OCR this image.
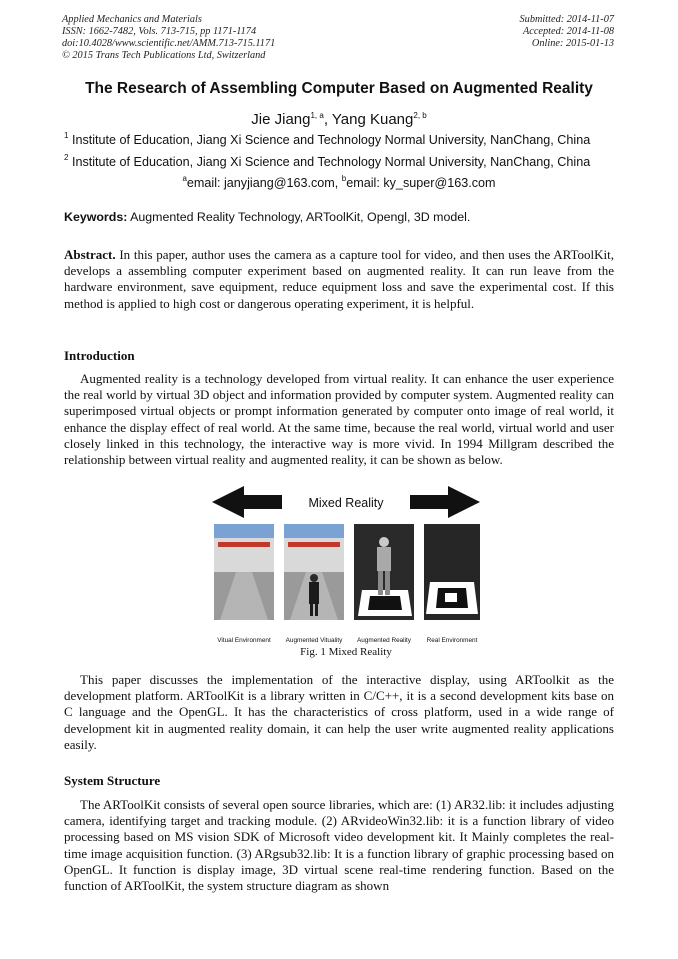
Applied Mechanics and Materials
ISSN: 1662-7482, Vols. 713-715, pp 1171-1174
doi:10.4028/www.scientific.net/AMM.713-715.1171
© 2015 Trans Tech Publications Ltd, Switzerland
Submitted: 2014-11-07
Accepted: 2014-11-08
Online: 2015-01-13
The Research of Assembling Computer Based on Augmented Reality
Jie Jiang$^{1, a}$, Yang Kuang$^{2, b}$
$^1$ Institute of Education, Jiang Xi Science and Technology Normal University, NanChang, China
$^2$ Institute of Education, Jiang Xi Science and Technology Normal University, NanChang, China
$^a$email: janyjiang@163.com, $^b$email: ky_super@163.com
Keywords: Augmented Reality Technology, ARToolKit, Opengl, 3D model.

Abstract. In this paper, author uses the camera as a capture tool for video, and then uses the ARToolKit, develops a assembling computer experiment based on augmented reality. It can run leave from the hardware environment, save equipment, reduce equipment loss and save the experimental cost. If this method is applied to high cost or dangerous operating experiment, it is helpful.

Introduction

Augmented reality is a technology developed from virtual reality. It can enhance the user experience the real world by virtual 3D object and information provided by computer system. Augmented reality can superimposed virtual objects or prompt information generated by computer onto image of real world, it enhance the display effect of real world. At the same time, because the real world, virtual world and user closely linked in this technology, the interactive way is more vivid. In 1994 Millgram described the relationship between virtual reality and augmented reality, it can be shown as below.

Mixed Reality
Vitual Environment Augmented Vituality Augmented Reality Real Environment
Fig. 1 Mixed Reality

This paper discusses the implementation of the interactive display, using ARToolkit as the development platform. ARToolKit is a library written in C/C++, it is a second development kits base on C language and the OpenGL. It has the characteristics of cross platform, used in a wide range of development kit in augmented reality domain, it can help the user write augmented reality applications easily.

System Structure

The ARToolKit consists of several open source libraries, which are: (1) AR32.lib: it includes adjusting camera, identifying target and tracking module. (2) ARvideoWin32.lib: it is a function library of video processing based on MS vision SDK of Microsoft video development kit. It Mainly completes the real-time image acquisition function. (3) ARgsub32.lib: It is a function library of graphic processing based on OpenGL. It function is display image, 3D virtual scene real-time rendering function. Based on the function of ARToolKit, the system structure diagram as shown
